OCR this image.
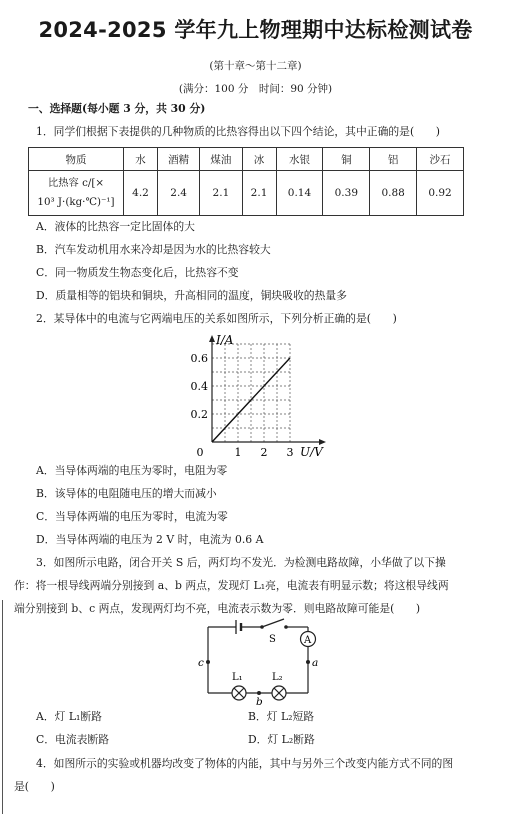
2024-2025 学年九上物理期中达标检测试卷
(第十章～第十二章)
(满分：100 分　时间：90 分钟)
一、选择题(每小题 3 分，共 30 分)
1．同学们根据下表提供的几种物质的比热容得出以下四个结论，其中正确的是(　　)
物质	水	酒精	煤油	冰	水银	铜	铝	沙石

比热容 c/[×
10³ J·(kg·℃)⁻¹]	4.2	2.4	2.1	2.1	0.14	0.39	0.88	0.92
A．液体的比热容一定比固体的大
B．汽车发动机用水来冷却是因为水的比热容较大
C．同一物质发生物态变化后，比热容不变
D．质量相等的铝块和铜块，升高相同的温度，铜块吸收的热量多
2．某导体中的电流与它两端电压的关系如图所示，下列分析正确的是(　　)
I/A
U/V
0	1 2 3
0.2
0.4
0.6
A．当导体两端的电压为零时，电阻为零
B．该导体的电阻随电压的增大而减小
C．当导体两端的电压为零时，电流为零
D．当导体两端的电压为 2 V 时，电流为 0.6 A
3．如图所示电路，闭合开关 S 后，两灯均不发光．为检测电路故障，小华做了以下操
作：将一根导线两端分别接到 a、b 两点，发现灯 L₁亮，电流表有明显示数；将这根导线两
端分别接到 b、c 两点，发现两灯均不亮，电流表示数为零．则电路故障可能是(　　)
S	A
L₁	L₂
c	a
b
A．灯 L₁断路	B．灯 L₂短路
C．电流表断路	D．灯 L₂断路
4．如图所示的实验或机器均改变了物体的内能，其中与另外三个改变内能方式不同的图
是(　　)
